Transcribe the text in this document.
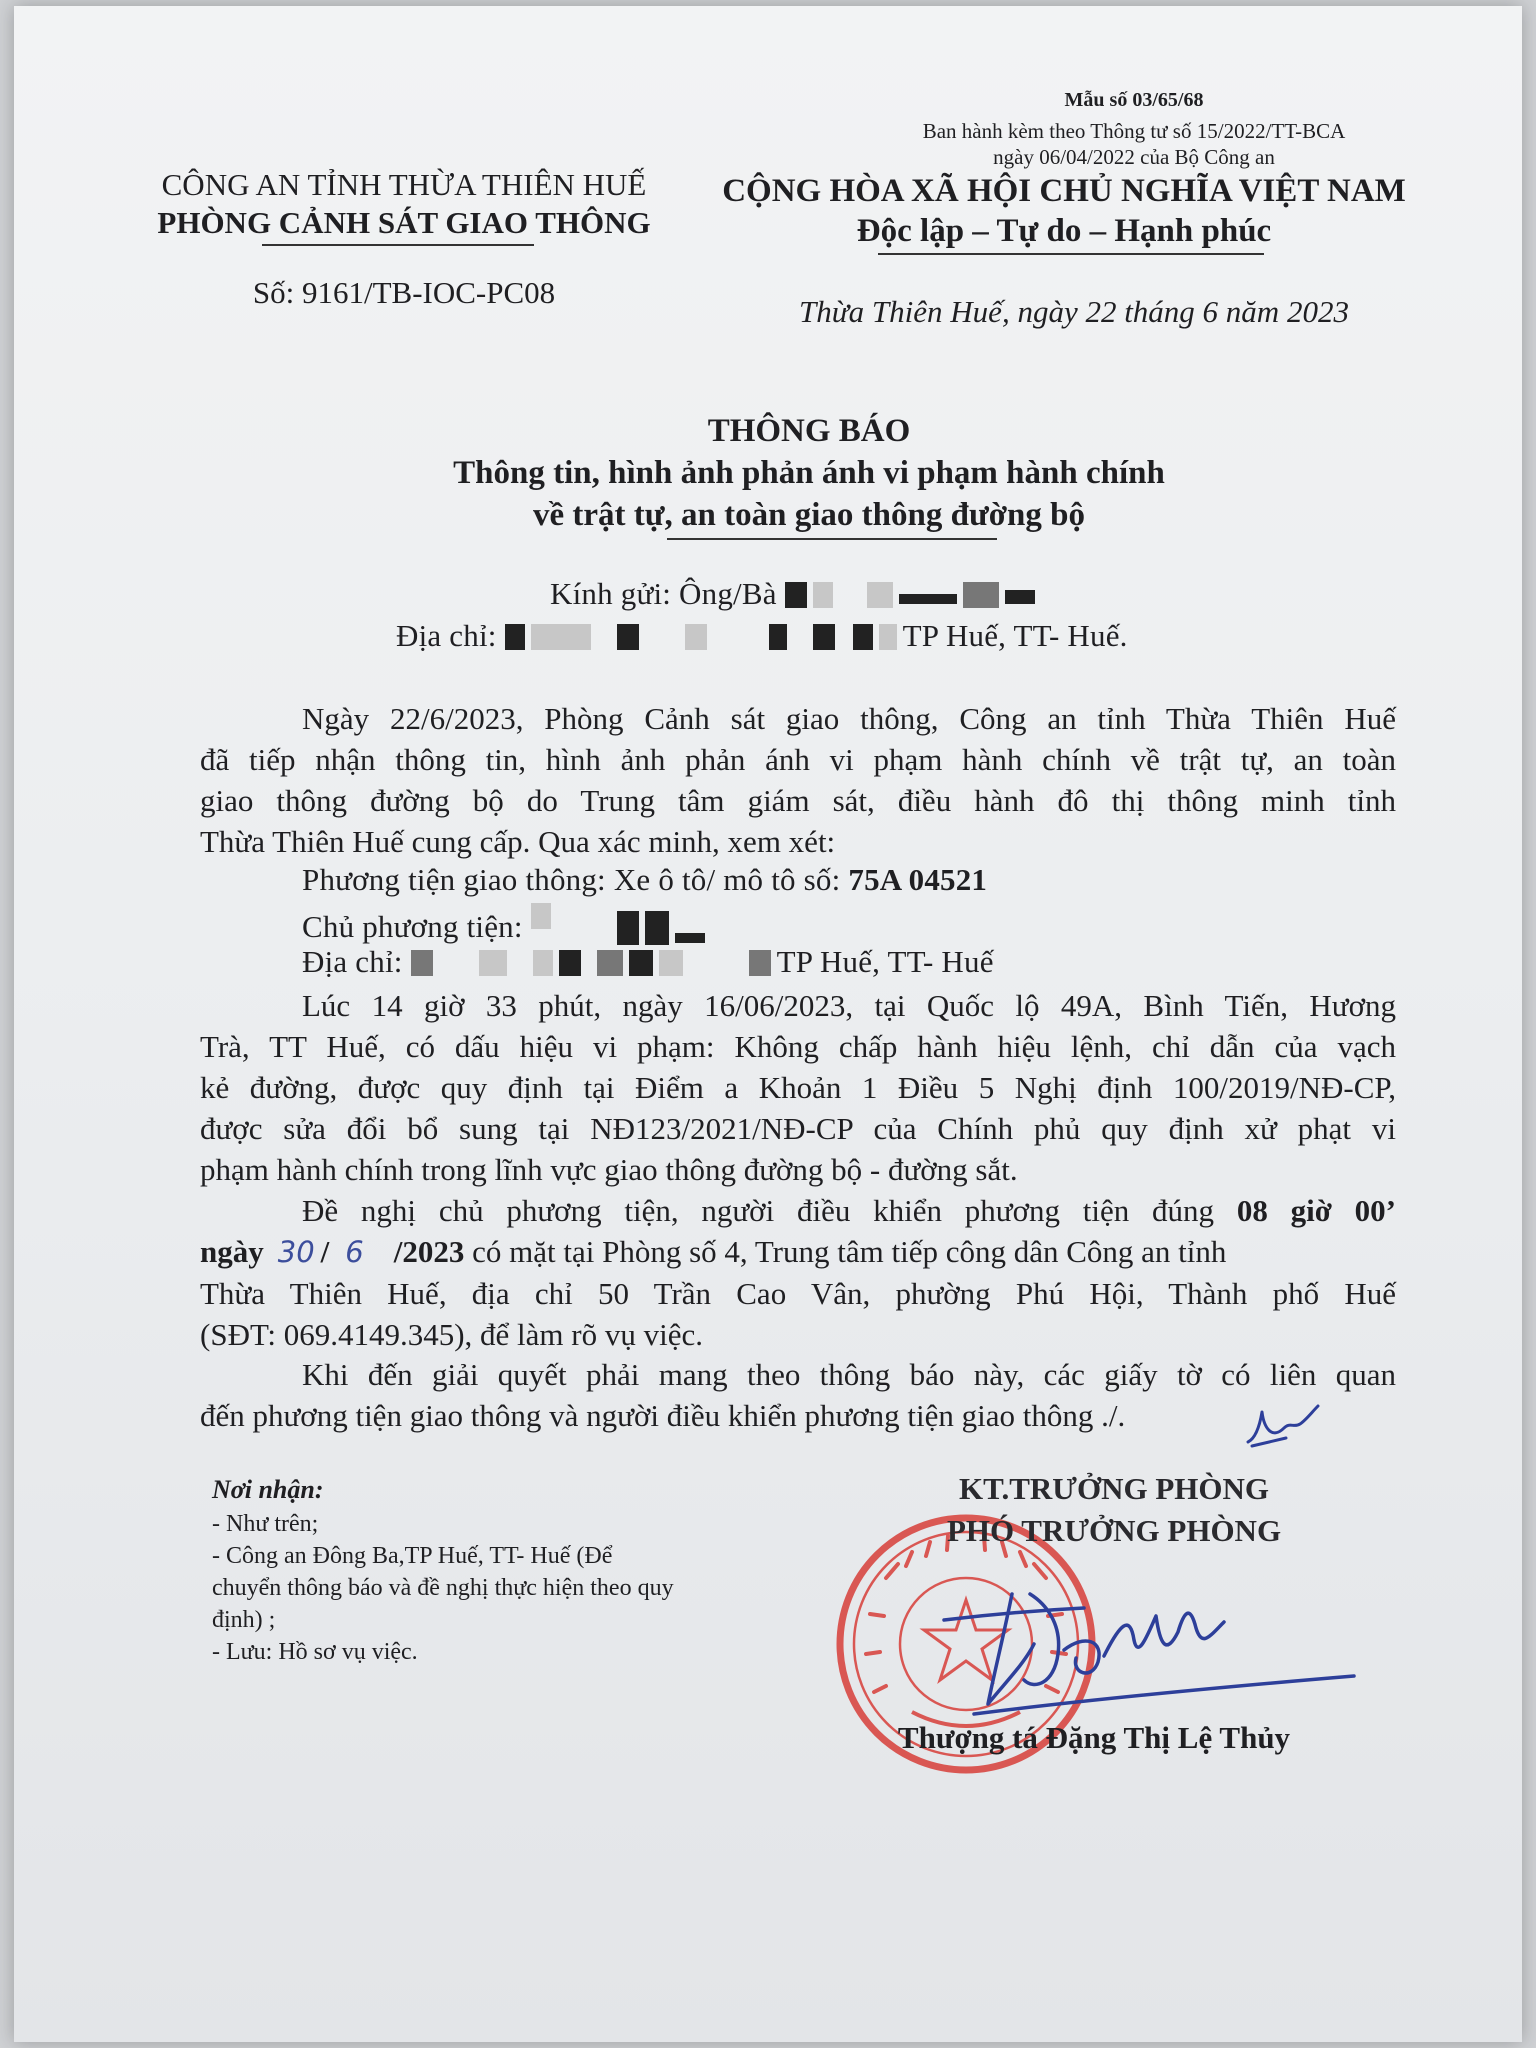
Mẫu số 03/65/68
Ban hành kèm theo Thông tư số 15/2022/TT-BCA
ngày 06/04/2022 của Bộ Công an
CÔNG AN TỈNH THỪA THIÊN HUẾ
PHÒNG CẢNH SÁT GIAO THÔNG
Số: 9161/TB-IOC-PC08
CỘNG HÒA XÃ HỘI CHỦ NGHĨA VIỆT NAM
Độc lập – Tự do – Hạnh phúc
Thừa Thiên Huế, ngày 22 tháng 6 năm 2023
THÔNG BÁO
Thông tin, hình ảnh phản ánh vi phạm hành chính
về trật tự, an toàn giao thông đường bộ
Kính gửi: Ông/Bà
Địa chỉ:	TP Huế, TT- Huế.

Ngày 22/6/2023, Phòng Cảnh sát giao thông, Công an tỉnh Thừa Thiên Huế

đã tiếp nhận thông tin, hình ảnh phản ánh vi phạm hành chính về trật tự, an toàn

giao thông đường bộ do Trung tâm giám sát, điều hành đô thị thông minh tỉnh

Thừa Thiên Huế cung cấp. Qua xác minh, xem xét:

Phương tiện giao thông: Xe ô tô/ mô tô số: 75A 04521
Chủ phương tiện:
Địa chỉ:	TP Huế, TT- Huế

Lúc 14 giờ 33 phút, ngày 16/06/2023, tại Quốc lộ 49A, Bình Tiến, Hương

Trà, TT Huế, có dấu hiệu vi phạm: Không chấp hành hiệu lệnh, chỉ dẫn của vạch

kẻ đường, được quy định tại Điểm a Khoản 1 Điều 5 Nghị định 100/2019/NĐ-CP,

được sửa đổi bổ sung tại NĐ123/2021/NĐ-CP của Chính phủ quy định xử phạt vi

phạm hành chính trong lĩnh vực giao thông đường bộ - đường sắt.

Đề nghị chủ phương tiện, người điều khiển phương tiện đúng 08 giờ 00’

ngày 30 / 6 /2023 có mặt tại Phòng số 4, Trung tâm tiếp công dân Công an tỉnh

Thừa Thiên Huế, địa chỉ 50 Trần Cao Vân, phường Phú Hội, Thành phố Huế

(SĐT: 069.4149.345), để làm rõ vụ việc.

Khi đến giải quyết phải mang theo thông báo này, các giấy tờ có liên quan

đến phương tiện giao thông và người điều khiển phương tiện giao thông ./.

Nơi nhận:
- Như trên;
- Công an Đông Ba,TP Huế, TT- Huế (Để
chuyển thông báo và đề nghị thực hiện theo quy
định) ;
- Lưu: Hồ sơ vụ việc.
KT.TRƯỞNG PHÒNG
PHÓ TRƯỞNG PHÒNG
Thượng tá Đặng Thị Lệ Thủy
